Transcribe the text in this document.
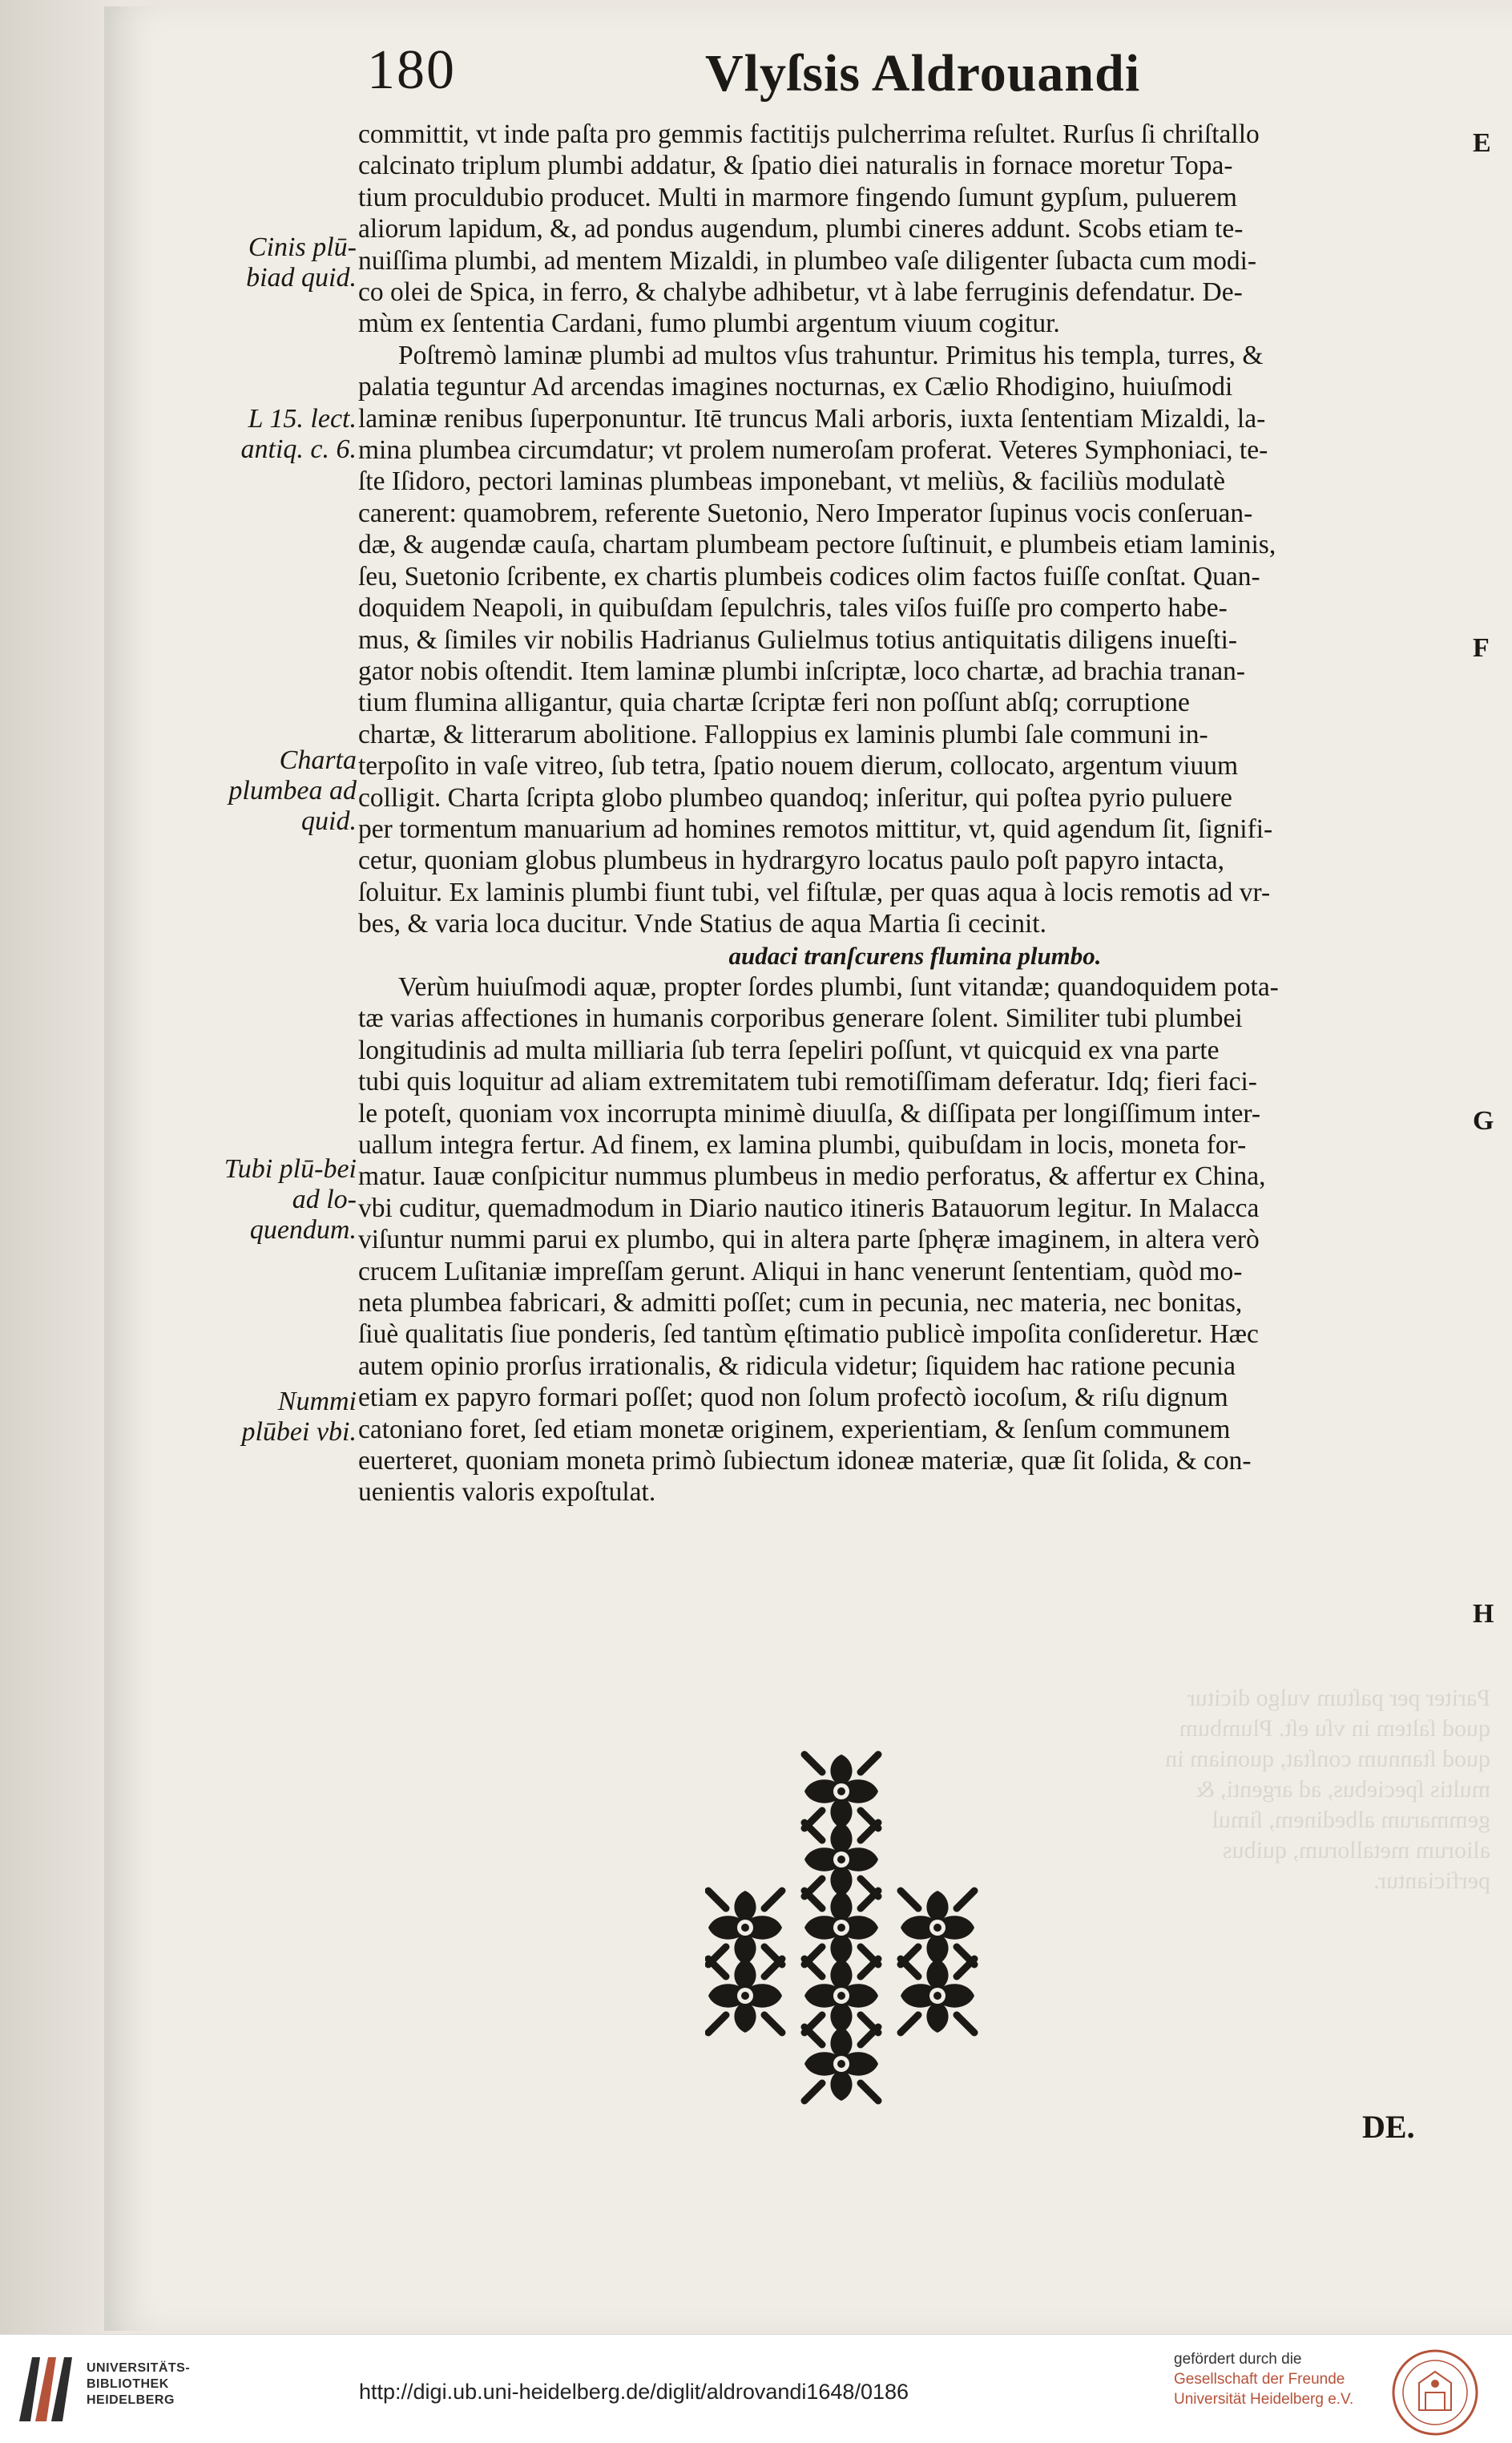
180	Vlyſsis Aldrouandi
Cinis plū-biad quid.
L 15. lect. antiq. c. 6.
Charta plumbea ad quid.
Tubi plū-bei ad lo-quendum.
Nummi plūbei vbi.
committit, vt inde paſta pro gemmis factitijs pulcherrima reſultet. Rurſus ſi chriſtallo
calcinato triplum plumbi addatur, & ſpatio diei naturalis in fornace moretur Topa-
tium proculdubio producet. Multi in marmore fingendo ſumunt gypſum, puluerem
aliorum lapidum, &, ad pondus augendum, plumbi cineres addunt. Scobs etiam te-
nuiſſima plumbi, ad mentem Mizaldi, in plumbeo vaſe diligenter ſubacta cum modi-
co olei de Spica, in ferro, & chalybe adhibetur, vt à labe ferruginis defendatur. De-
mùm ex ſententia Cardani, fumo plumbi argentum viuum cogitur.
Poſtremò laminæ plumbi ad multos vſus trahuntur. Primitus his templa, turres, &
palatia teguntur Ad arcendas imagines nocturnas, ex Cælio Rhodigino, huiuſmodi
laminæ renibus ſuperponuntur. Itē truncus Mali arboris, iuxta ſententiam Mizaldi, la-
mina plumbea circumdatur; vt prolem numeroſam proferat. Veteres Symphoniaci, te-
ſte Iſidoro, pectori laminas plumbeas imponebant, vt meliùs, & faciliùs modulatè
canerent: quamobrem, referente Suetonio, Nero Imperator ſupinus vocis conſeruan-
dæ, & augendæ cauſa, chartam plumbeam pectore ſuſtinuit, e plumbeis etiam laminis,
ſeu, Suetonio ſcribente, ex chartis plumbeis codices olim factos fuiſſe conſtat. Quan-
doquidem Neapoli, in quibuſdam ſepulchris, tales viſos fuiſſe pro comperto habe-
mus, & ſimiles vir nobilis Hadrianus Gulielmus totius antiquitatis diligens inueſti-
gator nobis oſtendit. Item laminæ plumbi inſcriptæ, loco chartæ, ad brachia tranan-
tium flumina alligantur, quia chartæ ſcriptæ feri non poſſunt abſq; corruptione
chartæ, & litterarum abolitione. Falloppius ex laminis plumbi ſale communi in-
terpoſito in vaſe vitreo, ſub tetra, ſpatio nouem dierum, collocato, argentum viuum
colligit. Charta ſcripta globo plumbeo quandoq; inſeritur, qui poſtea pyrio puluere
per tormentum manuarium ad homines remotos mittitur, vt, quid agendum ſit, ſignifi-
cetur, quoniam globus plumbeus in hydrargyro locatus paulo poſt papyro intacta,
ſoluitur. Ex laminis plumbi fiunt tubi, vel fiſtulæ, per quas aqua à locis remotis ad vr-
bes, & varia loca ducitur. Vnde Statius de aqua Martia ſi cecinit.
audaci tranſcurens flumina plumbo.
Verùm huiuſmodi aquæ, propter ſordes plumbi, ſunt vitandæ; quandoquidem pota-
tæ varias affectiones in humanis corporibus generare ſolent. Similiter tubi plumbei
longitudinis ad multa milliaria ſub terra ſepeliri poſſunt, vt quicquid ex vna parte
tubi quis loquitur ad aliam extremitatem tubi remotiſſimam deferatur. Idq; fieri faci-
le poteſt, quoniam vox incorrupta minimè diuulſa, & diſſipata per longiſſimum inter-
uallum integra fertur. Ad finem, ex lamina plumbi, quibuſdam in locis, moneta for-
matur. Iauæ conſpicitur nummus plumbeus in medio perforatus, & affertur ex China,
vbi cuditur, quemadmodum in Diario nautico itineris Batauorum legitur. In Malacca
viſuntur nummi parui ex plumbo, qui in altera parte ſphęræ imaginem, in altera verò
crucem Luſitaniæ impreſſam gerunt. Aliqui in hanc venerunt ſententiam, quòd mo-
neta plumbea fabricari, & admitti poſſet; cum in pecunia, nec materia, nec bonitas,
ſiuè qualitatis ſiue ponderis, ſed tantùm ęſtimatio publicè impoſita conſideretur. Hæc
autem opinio prorſus irrationalis, & ridicula videtur; ſiquidem hac ratione pecunia
etiam ex papyro formari poſſet; quod non ſolum profectò iocoſum, & riſu dignum
catoniano foret, ſed etiam monetæ originem, experientiam, & ſenſum communem
euerteret, quoniam moneta primò ſubiectum idoneæ materiæ, quæ ſit ſolida, & con-
uenientis valoris expoſtulat.
E
F
G
H
Pariter per paſtum vulgo dicitur quod ſaltem in vſu eſt. Plumbum quod ſtannum conſtat, quoniam in multis ſpeciebus, ad argenti, & gemmarum albedinem, ſimul aliorum metallorum, quibus perficiantur.
DE.
UNIVERSITÄTS-
BIBLIOTHEK
HEIDELBERG	http://digi.ub.uni-heidelberg.de/diglit/aldrovandi1648/0186
gefördert durch die
Gesellschaft der Freunde
Universität Heidelberg e.V.
